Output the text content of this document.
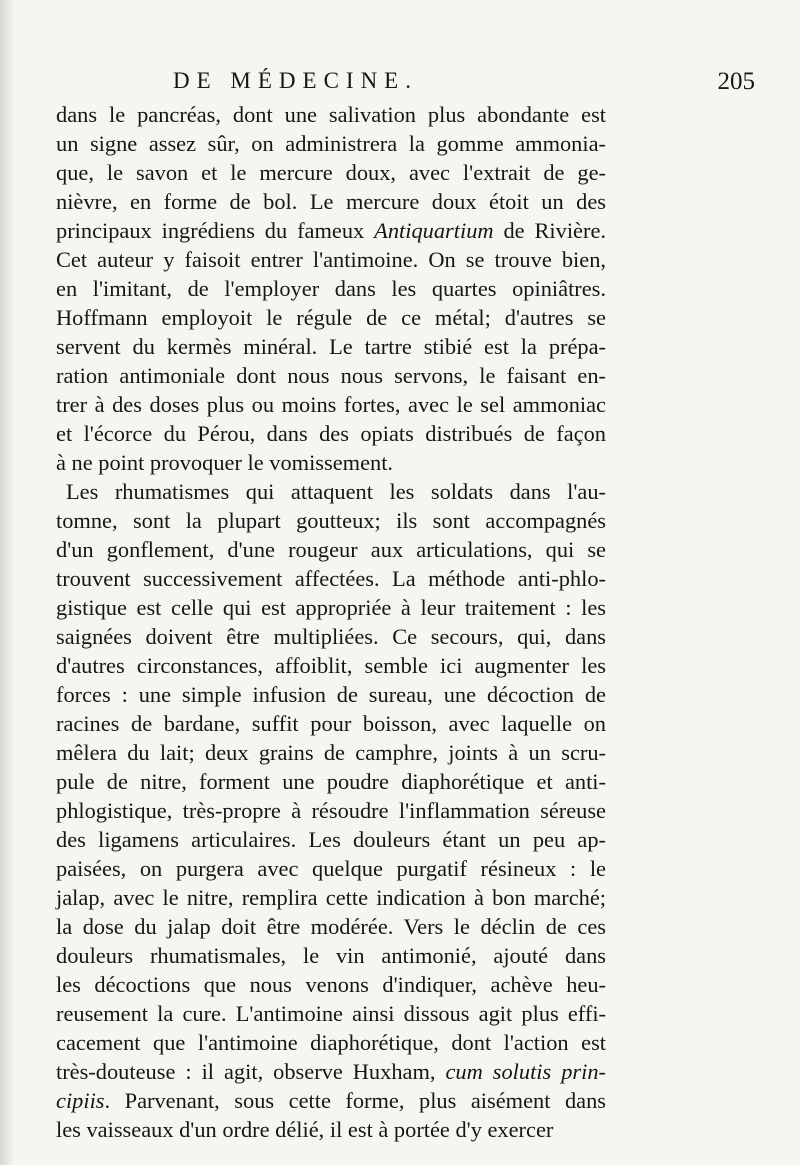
DE MÉDECINE.	205
dans le pancréas, dont une salivation plus abondante est
un signe assez sûr, on administrera la gomme ammonia-
que, le savon et le mercure doux, avec l'extrait de ge-
nièvre, en forme de bol. Le mercure doux étoit un des
principaux ingrédiens du fameux Antiquartium de Rivière.
Cet auteur y faisoit entrer l'antimoine. On se trouve bien,
en l'imitant, de l'employer dans les quartes opiniâtres.
Hoffmann employoit le régule de ce métal; d'autres se
servent du kermès minéral. Le tartre stibié est la prépa-
ration antimoniale dont nous nous servons, le faisant en-
trer à des doses plus ou moins fortes, avec le sel ammoniac
et l'écorce du Pérou, dans des opiats distribués de façon
à ne point provoquer le vomissement.
Les rhumatismes qui attaquent les soldats dans l'au-
tomne, sont la plupart goutteux; ils sont accompagnés
d'un gonflement, d'une rougeur aux articulations, qui se
trouvent successivement affectées. La méthode anti-phlo-
gistique est celle qui est appropriée à leur traitement : les
saignées doivent être multipliées. Ce secours, qui, dans
d'autres circonstances, affoiblit, semble ici augmenter les
forces : une simple infusion de sureau, une décoction de
racines de bardane, suffit pour boisson, avec laquelle on
mêlera du lait; deux grains de camphre, joints à un scru-
pule de nitre, forment une poudre diaphorétique et anti-
phlogistique, très-propre à résoudre l'inflammation séreuse
des ligamens articulaires. Les douleurs étant un peu ap-
paisées, on purgera avec quelque purgatif résineux : le
jalap, avec le nitre, remplira cette indication à bon marché;
la dose du jalap doit être modérée. Vers le déclin de ces
douleurs rhumatismales, le vin antimonié, ajouté dans
les décoctions que nous venons d'indiquer, achève heu-
reusement la cure. L'antimoine ainsi dissous agit plus effi-
cacement que l'antimoine diaphorétique, dont l'action est
très-douteuse : il agit, observe Huxham, cum solutis prin-
cipiis. Parvenant, sous cette forme, plus aisément dans
les vaisseaux d'un ordre délié, il est à portée d'y exercer
